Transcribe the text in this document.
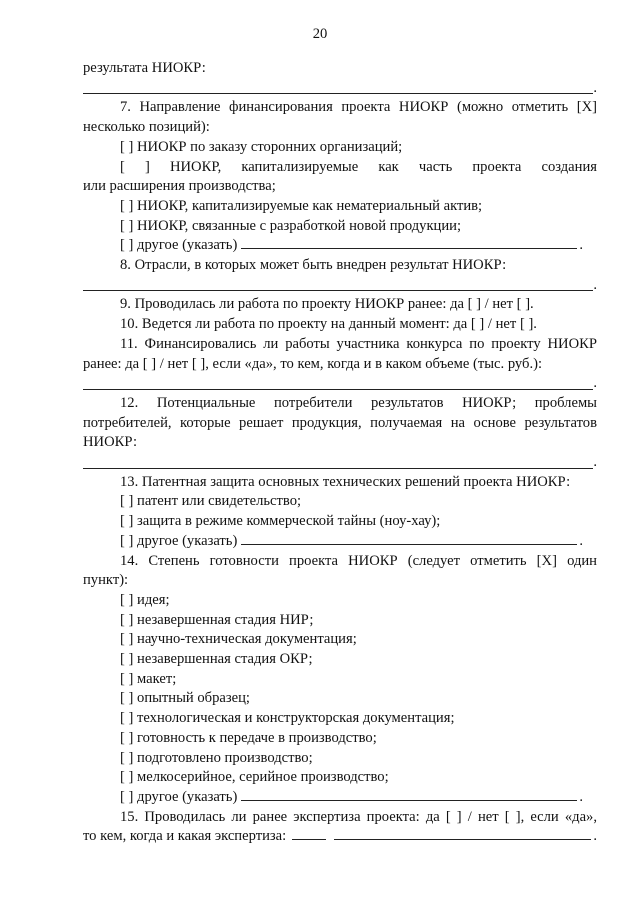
20

результата НИОКР:

.

7. Направление финансирования проекта НИОКР (можно отметить [X]

несколько позиций):

[ ] НИОКР по заказу сторонних организаций;

[ ] НИОКР, капитализируемые как часть проекта создания

или расширения производства;

[ ] НИОКР, капитализируемые как нематериальный актив;

[ ] НИОКР, связанные с разработкой новой продукции;

[ ] другое (указать)	.

8. Отрасли, в которых может быть внедрен результат НИОКР:

.

9. Проводилась ли работа по проекту НИОКР ранее: да [ ] / нет [ ].

10. Ведется ли работа по проекту на данный момент: да [ ] / нет [ ].

11. Финансировались ли работы участника конкурса по проекту НИОКР

ранее: да [ ] / нет [ ], если «да», то кем, когда и в каком объеме (тыс. руб.):

.

12. Потенциальные потребители результатов НИОКР; проблемы

потребителей, которые решает продукция, получаемая на основе результатов

НИОКР:

.

13. Патентная защита основных технических решений проекта НИОКР:

[ ] патент или свидетельство;

[ ] защита в режиме коммерческой тайны (ноу-хау);

[ ] другое (указать)	.

14. Степень готовности проекта НИОКР (следует отметить [X] один

пункт):

[ ] идея;

[ ] незавершенная стадия НИР;

[ ] научно-техническая документация;

[ ] незавершенная стадия ОКР;

[ ] макет;

[ ] опытный образец;

[ ] технологическая и конструкторская документация;

[ ] готовность к передаче в производство;

[ ] подготовлено производство;

[ ] мелкосерийное, серийное производство;

[ ] другое (указать)	.

15. Проводилась ли ранее экспертиза проекта: да [ ] / нет [ ], если «да»,

то кем, когда и какая экспертиза:	.
